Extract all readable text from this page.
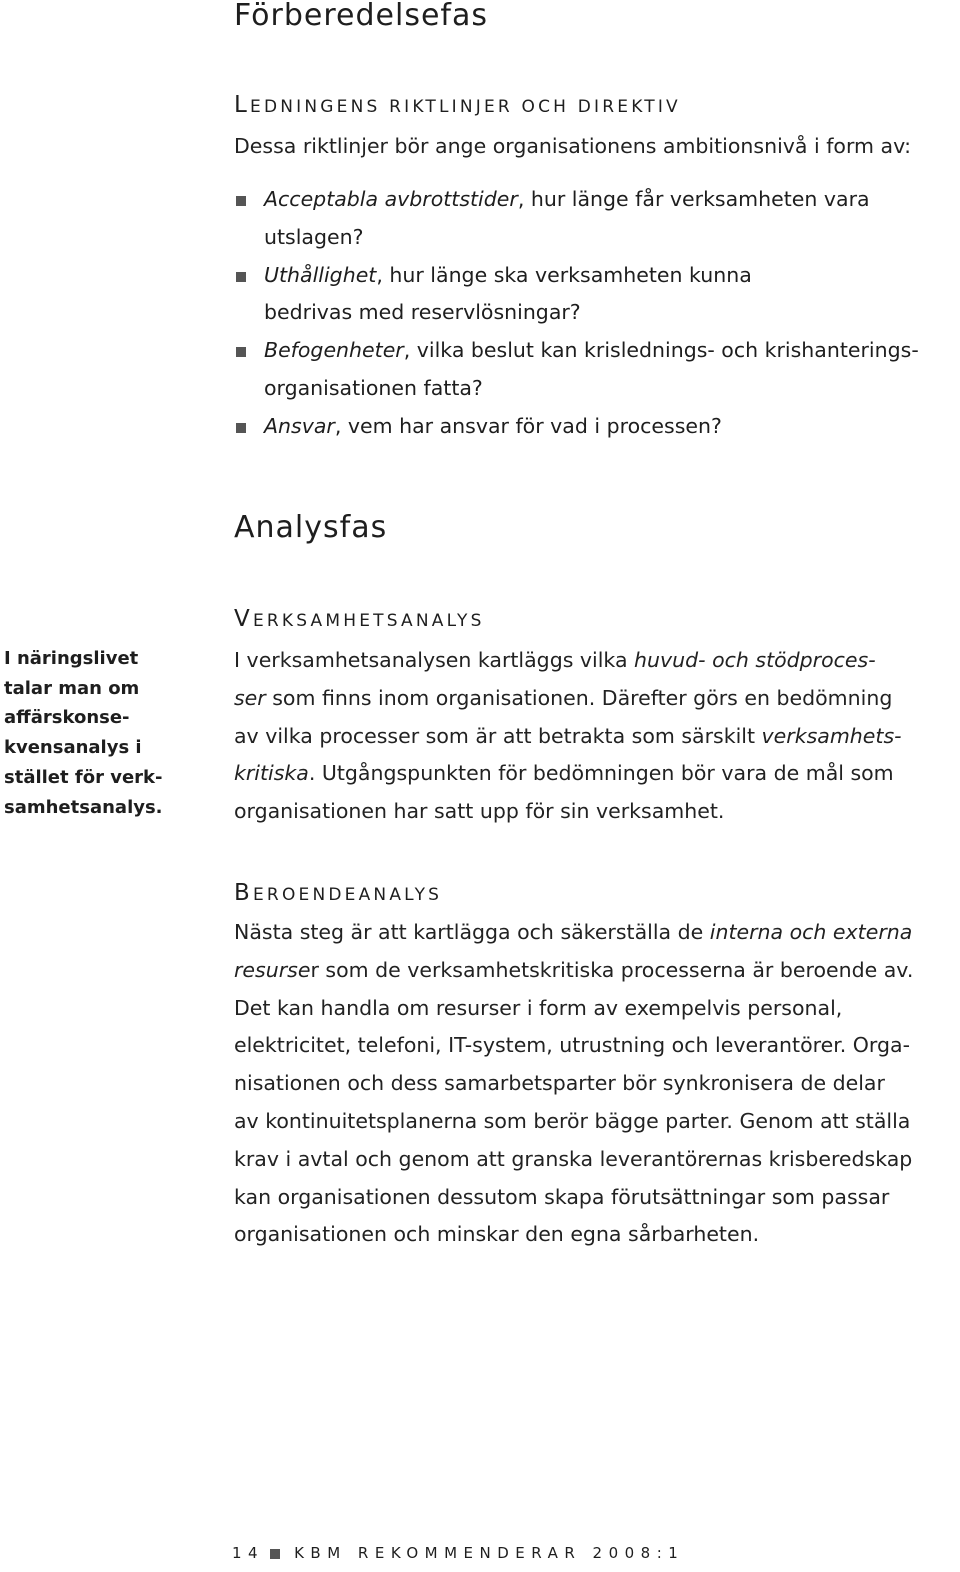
Förberedelsefas
LEDNINGENS RIKTLINJER OCH DIREKTIV
Dessa riktlinjer bör ange organisationens ambitionsnivå i form av:
Acceptabla avbrottstider, hur länge får verksamheten vara
utslagen?
Uthållighet, hur länge ska verksamheten kunna
bedrivas med reservlösningar?
Befogenheter, vilka beslut kan krislednings- och krishanterings-
organisationen fatta?
Ansvar, vem har ansvar för vad i processen?
Analysfas
VERKSAMHETSANALYS
I näringslivet
talar man om
affärskonse-
kvensanalys i
stället för verk-
samhetsanalys.
I verksamhetsanalysen kartläggs vilka huvud- och stödproces-
ser som finns inom organisationen. Därefter görs en bedömning
av vilka processer som är att betrakta som särskilt verksamhets-
kritiska. Utgångspunkten för bedömningen bör vara de mål som
organisationen har satt upp för sin verksamhet.
BEROENDEANALYS
Nästa steg är att kartlägga och säkerställa de interna och externa
resurser som de verksamhetskritiska processerna är beroende av.
Det kan handla om resurser i form av exempelvis personal,
elektricitet, telefoni, IT-system, utrustning och leverantörer. Orga-
nisationen och dess samarbetsparter bör synkronisera de delar
av kontinuitetsplanerna som berör bägge parter. Genom att ställa
krav i avtal och genom att granska leverantörernas krisberedskap
kan organisationen dessutom skapa förutsättningar som passar
organisationen och minskar den egna sårbarheten.
14 KBM REKOMMENDERAR 2008:1
